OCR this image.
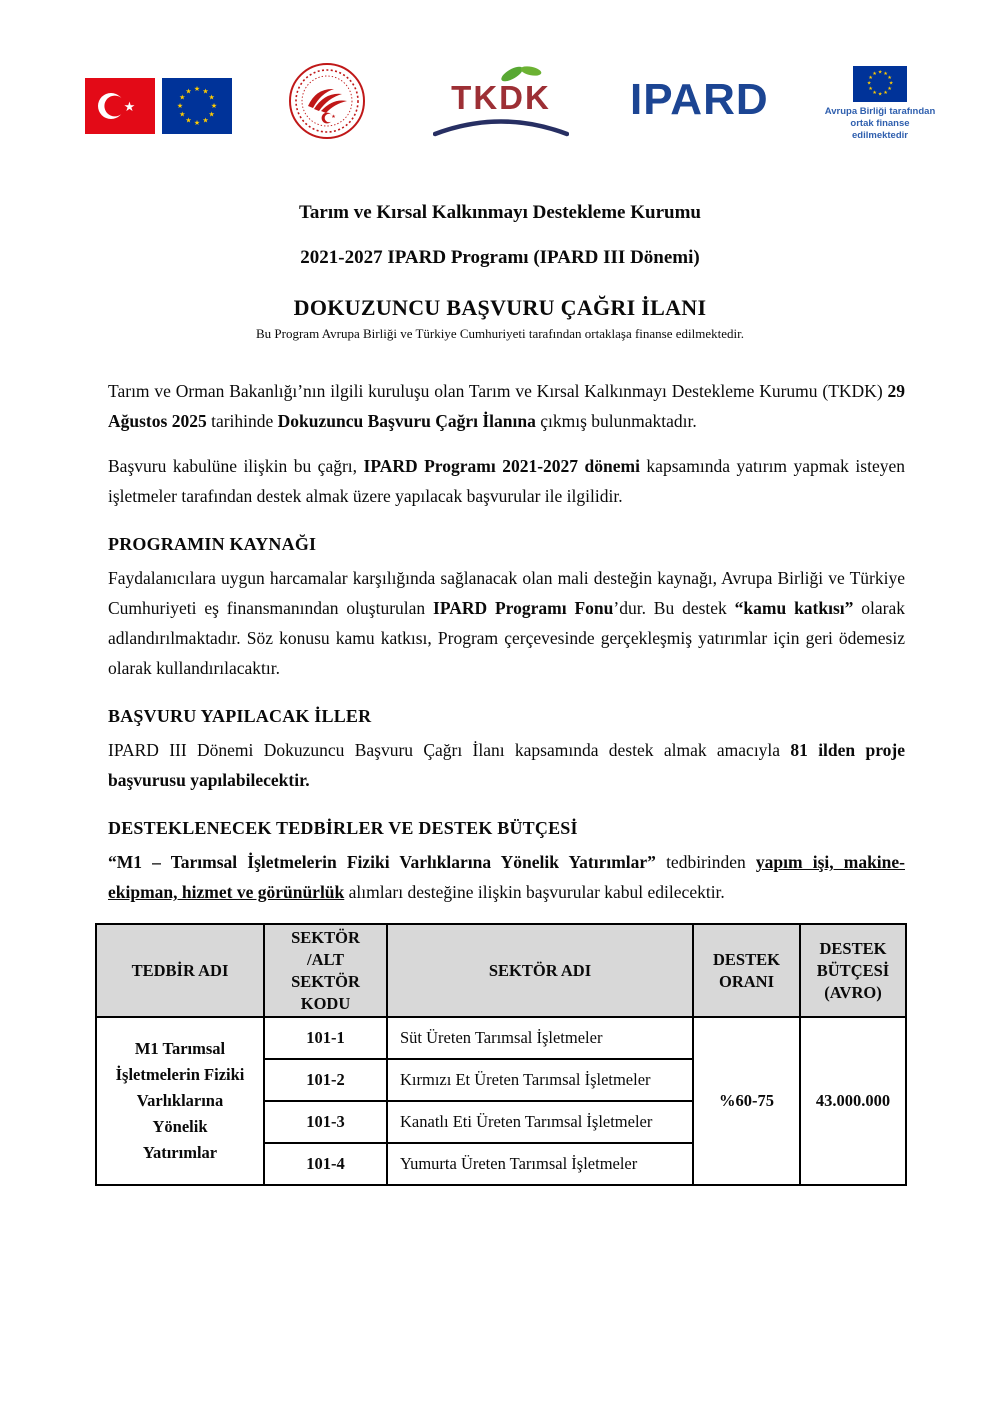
★
★ ★
★
★
★
★
★
★
★
★
★
★
★
TKDK IPARD
★ ★
★
★
★
★
★
★
★
★
★
★
Avrupa Birliği tarafından
ortak finanse edilmektedir
Tarım ve Kırsal Kalkınmayı Destekleme Kurumu
2021-2027 IPARD Programı (IPARD III Dönemi)
DOKUZUNCU BAŞVURU ÇAĞRI İLANI
Bu Program Avrupa Birliği ve Türkiye Cumhuriyeti tarafından ortaklaşa finanse edilmektedir.

Tarım ve Orman Bakanlığı’nın ilgili kuruluşu olan Tarım ve Kırsal Kalkınmayı Destekleme Kurumu (TKDK) 29 Ağustos 2025 tarihinde Dokuzuncu Başvuru Çağrı İlanına çıkmış bulunmaktadır.

Başvuru kabulüne ilişkin bu çağrı, IPARD Programı 2021-2027 dönemi kapsamında yatırım yapmak isteyen işletmeler tarafından destek almak üzere yapılacak başvurular ile ilgilidir.

PROGRAMIN KAYNAĞI

Faydalanıcılara uygun harcamalar karşılığında sağlanacak olan mali desteğin kaynağı, Avrupa Birliği ve Türkiye Cumhuriyeti eş finansmanından oluşturulan IPARD Programı Fonu’dur. Bu destek “kamu katkısı” olarak adlandırılmaktadır. Söz konusu kamu katkısı, Program çerçevesinde gerçekleşmiş yatırımlar için geri ödemesiz olarak kullandırılacaktır.

BAŞVURU YAPILACAK İLLER

IPARD III Dönemi Dokuzuncu Başvuru Çağrı İlanı kapsamında destek almak amacıyla 81 ilden proje başvurusu yapılabilecektir.

DESTEKLENECEK TEDBİRLER VE DESTEK BÜTÇESİ

“M1 – Tarımsal İşletmelerin Fiziki Varlıklarına Yönelik Yatırımlar” tedbirinden yapım işi, makine-ekipman, hizmet ve görünürlük alımları desteğine ilişkin başvurular kabul edilecektir.

TEDBİR ADI	SEKTÖR /ALT SEKTÖR KODU	SEKTÖR ADI	DESTEK ORANI	DESTEK BÜTÇESİ (AVRO)
M1 Tarımsal İşletmelerin Fiziki Varlıklarına Yönelik Yatırımlar	101-1	Süt Üreten Tarımsal İşletmeler	%60-75	43.000.000
	101-2	Kırmızı Et Üreten Tarımsal İşletmeler		
	101-3	Kanatlı Eti Üreten Tarımsal İşletmeler		
	101-4	Yumurta Üreten Tarımsal İşletmeler		
